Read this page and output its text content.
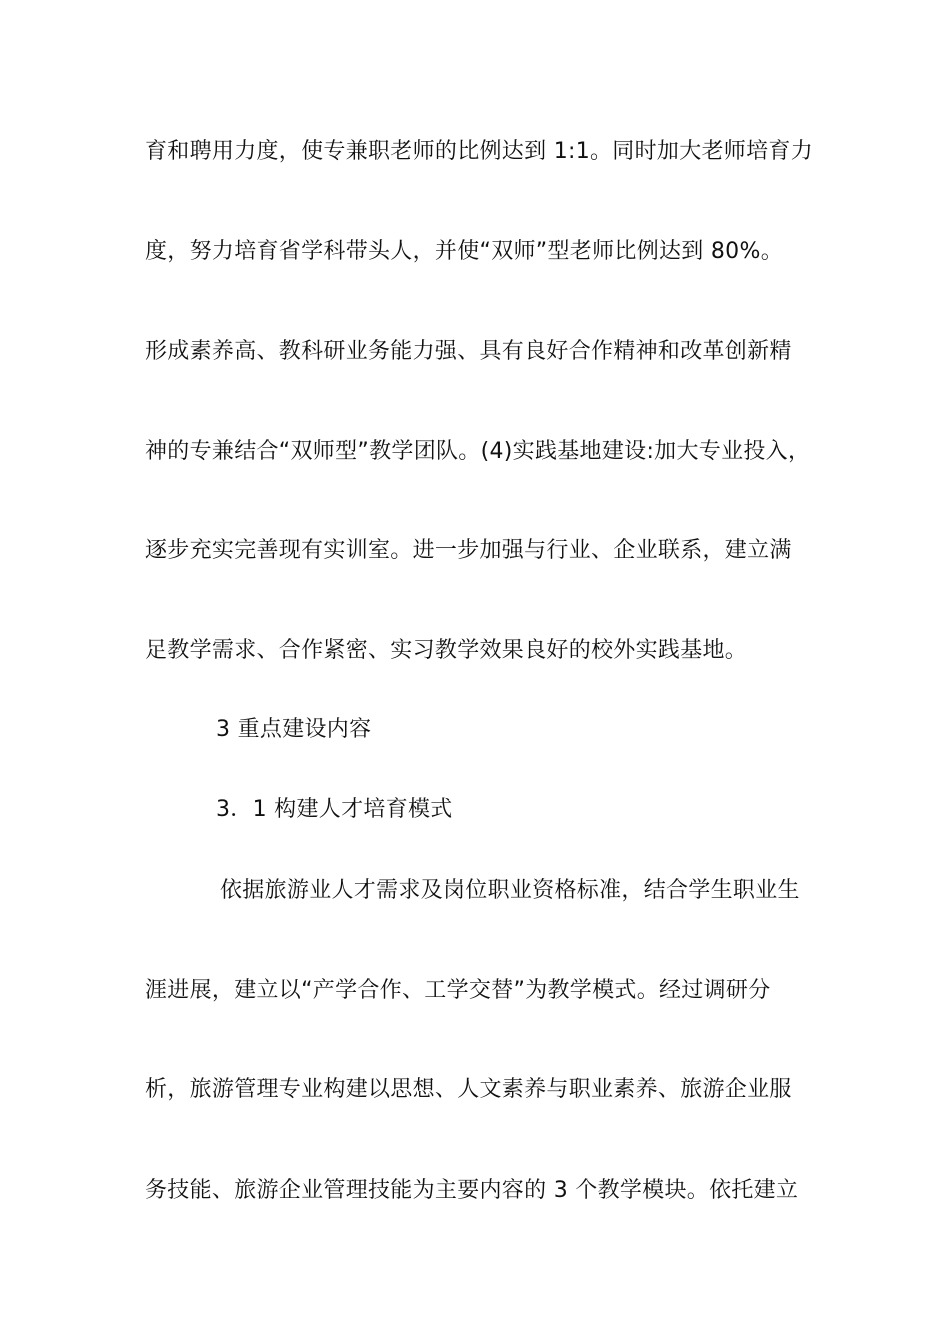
育和聘用力度，使专兼职老师的比例达到 1:1。同时加大老师培育力
度，努力培育省学科带头人，并使“双师”型老师比例达到 80%。
形成素养高、教科研业务能力强、具有良好合作精神和改革创新精
神的专兼结合“双师型”教学团队。(4)实践基地建设:加大专业投入，
逐步充实完善现有实训室。进一步加强与行业、企业联系，建立满
足教学需求、合作紧密、实习教学效果良好的校外实践基地。
3 重点建设内容
3．1 构建人才培育模式
依据旅游业人才需求及岗位职业资格标准，结合学生职业生
涯进展，建立以“产学合作、工学交替”为教学模式。经过调研分
析，旅游管理专业构建以思想、人文素养与职业素养、旅游企业服
务技能、旅游企业管理技能为主要内容的 3 个教学模块。依托建立
